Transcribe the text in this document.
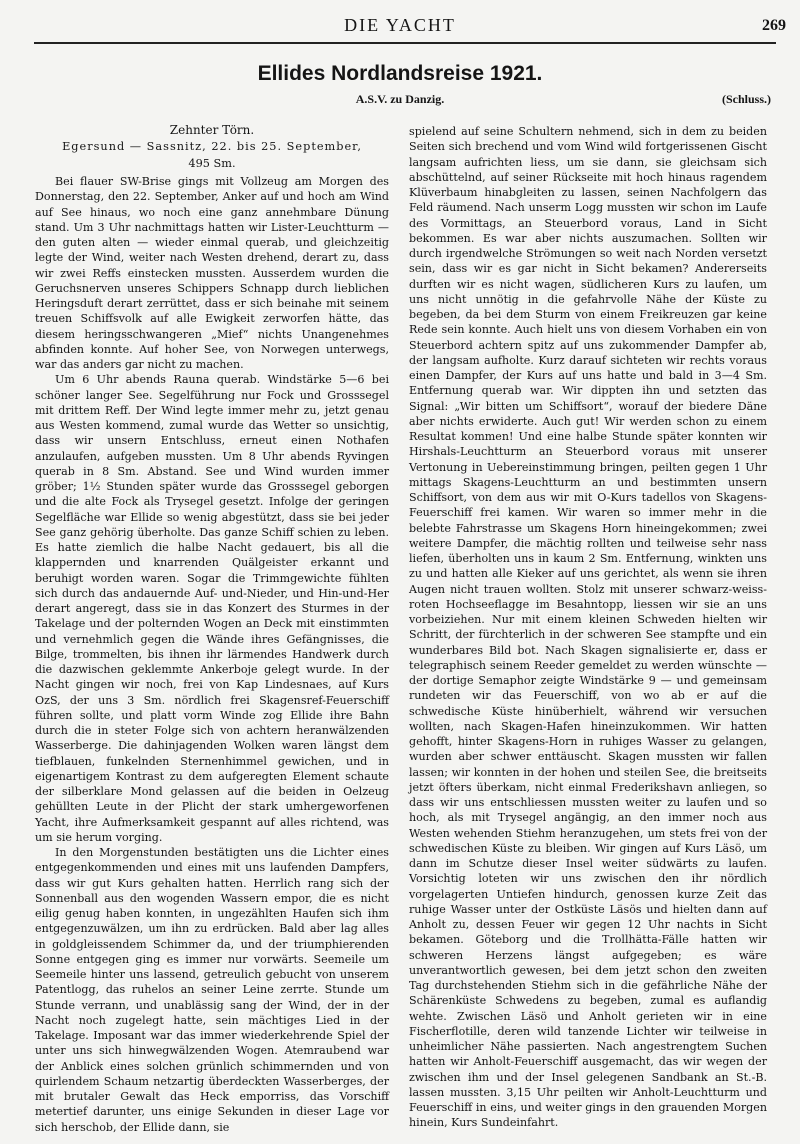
DIE YACHT	269
Ellides Nordlandsreise 1921.
A.S.V. zu Danzig.	(Schluss.)

Zehnter Törn.

Egersund — Sassnitz, 22. bis 25. September,

495 Sm.

Bei flauer SW-Brise gings mit Vollzeug am Morgen des Donnerstag, den 22. September, Anker auf und hoch am Wind auf See hinaus, wo noch eine ganz annehmbare Dünung stand. Um 3 Uhr nachmittags hatten wir Lister-Leuchtturm — den guten alten — wieder einmal querab, und gleichzeitig legte der Wind, weiter nach Westen drehend, derart zu, dass wir zwei Reffs einstecken mussten. Ausserdem wurden die Geruchsnerven unseres Schippers Schnapp durch lieblichen Heringsduft derart zerrüttet, dass er sich beinahe mit seinem treuen Schiffsvolk auf alle Ewigkeit zerworfen hätte, das diesem heringsschwangeren „Mief“ nichts Unangenehmes abfinden konnte. Auf hoher See, von Norwegen unterwegs, war das anders gar nicht zu machen.

Um 6 Uhr abends Rauna querab. Windstärke 5—6 bei schöner langer See. Segelführung nur Fock und Grosssegel mit drittem Reff. Der Wind legte immer mehr zu, jetzt genau aus Westen kommend, zumal wurde das Wetter so unsichtig, dass wir unsern Entschluss, erneut einen Nothafen anzulaufen, aufgeben mussten. Um 8 Uhr abends Ryvingen querab in 8 Sm. Abstand. See und Wind wurden immer gröber; 1½ Stunden später wurde das Grosssegel geborgen und die alte Fock als Trysegel gesetzt. Infolge der geringen Segelfläche war Ellide so wenig abgestützt, dass sie bei jeder See ganz gehörig überholte. Das ganze Schiff schien zu leben. Es hatte ziemlich die halbe Nacht gedauert, bis all die klappernden und knarrenden Quälgeister erkannt und beruhigt worden waren. Sogar die Trimmgewichte fühlten sich durch das andauernde Auf- und-Nieder, und Hin-und-Her derart angeregt, dass sie in das Konzert des Sturmes in der Takelage und der polternden Wogen an Deck mit einstimmten und vernehmlich gegen die Wände ihres Gefängnisses, die Bilge, trommelten, bis ihnen ihr lärmendes Handwerk durch die dazwischen geklemmte Ankerboje gelegt wurde. In der Nacht gingen wir noch, frei von Kap Lindesnaes, auf Kurs OzS, der uns 3 Sm. nördlich frei Skagensref-Feuerschiff führen sollte, und platt vorm Winde zog Ellide ihre Bahn durch die in steter Folge sich von achtern heranwälzenden Wasserberge. Die dahinjagenden Wolken waren längst dem tiefblauen, funkelnden Sternenhimmel gewichen, und in eigenartigem Kontrast zu dem aufgeregten Element schaute der silberklare Mond gelassen auf die beiden in Oelzeug gehüllten Leute in der Plicht der stark umhergeworfenen Yacht, ihre Aufmerksamkeit gespannt auf alles richtend, was um sie herum vorging.

In den Morgenstunden bestätigten uns die Lichter eines entgegenkommenden und eines mit uns laufenden Dampfers, dass wir gut Kurs gehalten hatten. Herrlich rang sich der Sonnenball aus den wogenden Wassern empor, die es nicht eilig genug haben konnten, in ungezählten Haufen sich ihm entgegenzuwälzen, um ihn zu erdrücken. Bald aber lag alles in goldgleissendem Schimmer da, und der triumphierenden Sonne entgegen ging es immer nur vorwärts. Seemeile um Seemeile hinter uns lassend, getreulich gebucht von unserem Patentlogg, das ruhelos an seiner Leine zerrte. Stunde um Stunde verrann, und unablässig sang der Wind, der in der Nacht noch zugelegt hatte, sein mächtiges Lied in der Takelage. Imposant war das immer wiederkehrende Spiel der unter uns sich hinwegwälzenden Wogen. Atemraubend war der Anblick eines solchen grünlich schimmernden und von quirlendem Schaum netzartig überdeckten Wasserberges, der mit brutaler Gewalt das Heck emporriss, das Vorschiff metertief darunter, uns einige Sekunden in dieser Lage vor sich herschob, der Ellide dann, sie

spielend auf seine Schultern nehmend, sich in dem zu beiden Seiten sich brechend und vom Wind wild fortgerissenen Gischt langsam aufrichten liess, um sie dann, sie gleichsam sich abschüttelnd, auf seiner Rückseite mit hoch hinaus ragendem Klüverbaum hinabgleiten zu lassen, seinen Nachfolgern das Feld räumend. Nach unserm Logg mussten wir schon im Laufe des Vormittags, an Steuerbord voraus, Land in Sicht bekommen. Es war aber nichts auszumachen. Sollten wir durch irgendwelche Strömungen so weit nach Norden versetzt sein, dass wir es gar nicht in Sicht bekamen? Andererseits durften wir es nicht wagen, südlicheren Kurs zu laufen, um uns nicht unnötig in die gefahrvolle Nähe der Küste zu begeben, da bei dem Sturm von einem Freikreuzen gar keine Rede sein konnte. Auch hielt uns von diesem Vorhaben ein von Steuerbord achtern spitz auf uns zukommender Dampfer ab, der langsam aufholte. Kurz darauf sichteten wir rechts voraus einen Dampfer, der Kurs auf uns hatte und bald in 3—4 Sm. Entfernung querab war. Wir dippten ihn und setzten das Signal: „Wir bitten um Schiffsort“, worauf der biedere Däne aber nichts erwiderte. Auch gut! Wir werden schon zu einem Resultat kommen! Und eine halbe Stunde später konnten wir Hirshals-Leuchtturm an Steuerbord voraus mit unserer Vertonung in Uebereinstimmung bringen, peilten gegen 1 Uhr mittags Skagens-Leuchtturm an und bestimmten unsern Schiffsort, von dem aus wir mit O-Kurs tadellos von Skagens-Feuerschiff frei kamen. Wir waren so immer mehr in die belebte Fahrstrasse um Skagens Horn hineingekommen; zwei weitere Dampfer, die mächtig rollten und teilweise sehr nass liefen, überholten uns in kaum 2 Sm. Entfernung, winkten uns zu und hatten alle Kieker auf uns gerichtet, als wenn sie ihren Augen nicht trauen wollten. Stolz mit unserer schwarz-weiss-roten Hochseeflagge im Besahntopp, liessen wir sie an uns vorbeiziehen. Nur mit einem kleinen Schweden hielten wir Schritt, der fürchterlich in der schweren See stampfte und ein wunderbares Bild bot. Nach Skagen signalisierte er, dass er telegraphisch seinem Reeder gemeldet zu werden wünschte — der dortige Semaphor zeigte Windstärke 9 — und gemeinsam rundeten wir das Feuerschiff, von wo ab er auf die schwedische Küste hinüberhielt, während wir versuchen wollten, nach Skagen-Hafen hineinzukommen. Wir hatten gehofft, hinter Skagens-Horn in ruhiges Wasser zu gelangen, wurden aber schwer enttäuscht. Skagen mussten wir fallen lassen; wir konnten in der hohen und steilen See, die breitseits jetzt öfters überkam, nicht einmal Frederikshavn anliegen, so dass wir uns entschliessen mussten weiter zu laufen und so hoch, als mit Trysegel angängig, an den immer noch aus Westen wehenden Stiehm heranzugehen, um stets frei von der schwedischen Küste zu bleiben. Wir gingen auf Kurs Läsö, um dann im Schutze dieser Insel weiter südwärts zu laufen. Vorsichtig loteten wir uns zwischen den ihr nördlich vorgelagerten Untiefen hindurch, genossen kurze Zeit das ruhige Wasser unter der Ostküste Läsös und hielten dann auf Anholt zu, dessen Feuer wir gegen 12 Uhr nachts in Sicht bekamen. Göteborg und die Trollhätta-Fälle hatten wir schweren Herzens längst aufgegeben; es wäre unverantwortlich gewesen, bei dem jetzt schon den zweiten Tag durchstehenden Stiehm sich in die gefährliche Nähe der Schärenküste Schwedens zu begeben, zumal es auflandig wehte. Zwischen Läsö und Anholt gerieten wir in eine Fischerflotille, deren wild tanzende Lichter wir teilweise in unheimlicher Nähe passierten. Nach angestrengtem Suchen hatten wir Anholt-Feuerschiff ausgemacht, das wir wegen der zwischen ihm und der Insel gelegenen Sandbank an St.-B. lassen mussten. 3,15 Uhr peilten wir Anholt-Leuchtturm und Feuerschiff in eins, und weiter gings in den grauenden Morgen hinein, Kurs Sundeinfahrt.
